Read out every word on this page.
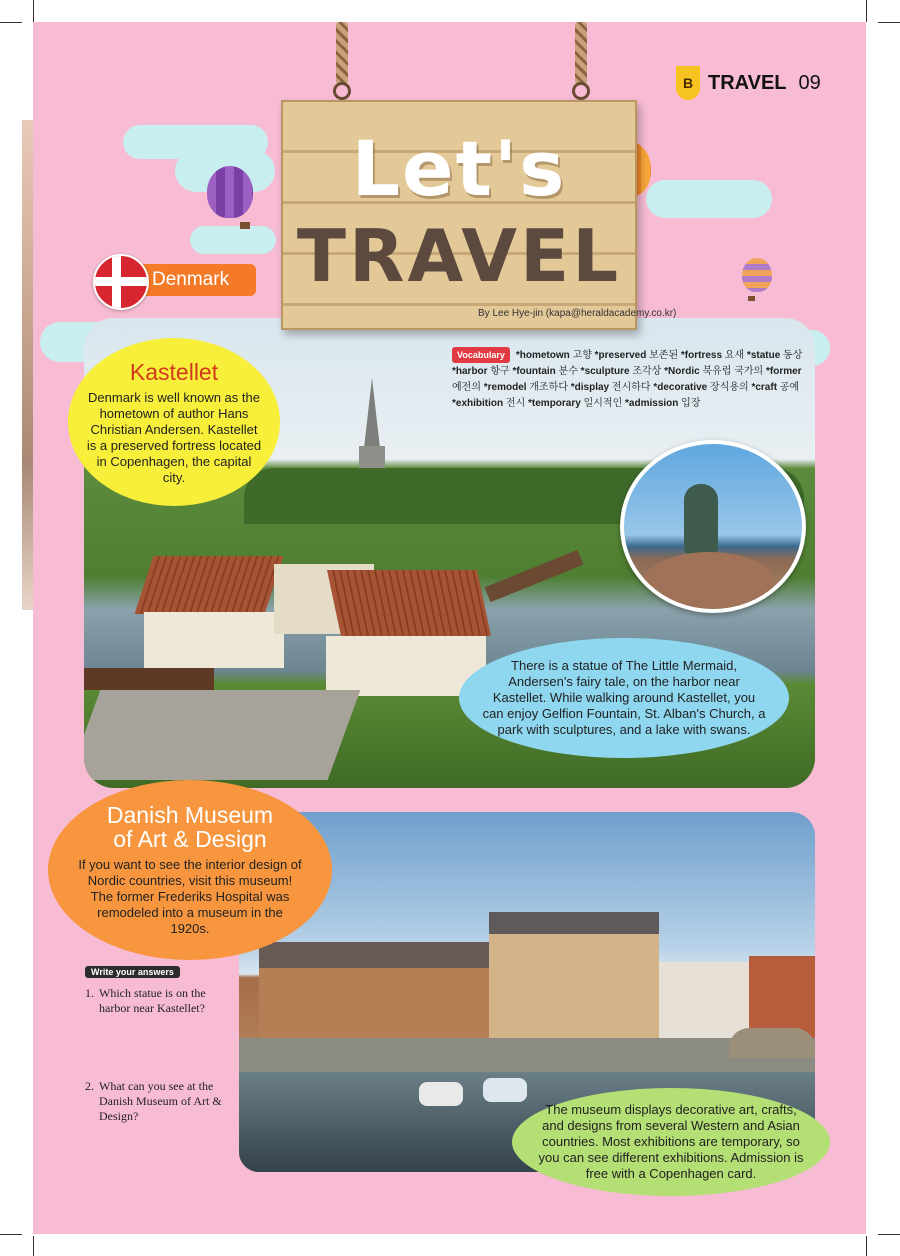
B TRAVEL 09
Let's
TRAVEL
By Lee Hye-jin (kapa@heraldacademy.co.kr)
Denmark
Vocabulary *hometown 고향 *preserved 보존된 *fortress 요새 *statue 동상 *harbor 항구 *fountain 분수 *sculpture 조각상 *Nordic 북유럽 국가의 *former 예전의 *remodel 개조하다 *display 전시하다 *decorative 장식용의 *craft 공예 *exhibition 전시 *temporary 일시적인 *admission 입장
Kastellet
Denmark is well known as the hometown of author Hans Christian Andersen. Kastellet is a preserved fortress located in Copenhagen, the capital city.
There is a statue of The Little Mermaid, Andersen's fairy tale, on the harbor near Kastellet. While walking around Kastellet, you can enjoy Gelfion Fountain, St. Alban's Church, a park with sculptures, and a lake with swans.
Danish Museum
of Art & Design
If you want to see the interior design of Nordic countries, visit this museum! The former Frederiks Hospital was remodeled into a museum in the 1920s.
The museum displays decorative art, crafts, and designs from several Western and Asian countries. Most exhibitions are temporary, so you can see different exhibitions. Admission is free with a Copenhagen card.
Write your answers
1. Which statue is on the
harbor near Kastellet?
2. What can you see at the
Danish Museum of Art &
Design?
